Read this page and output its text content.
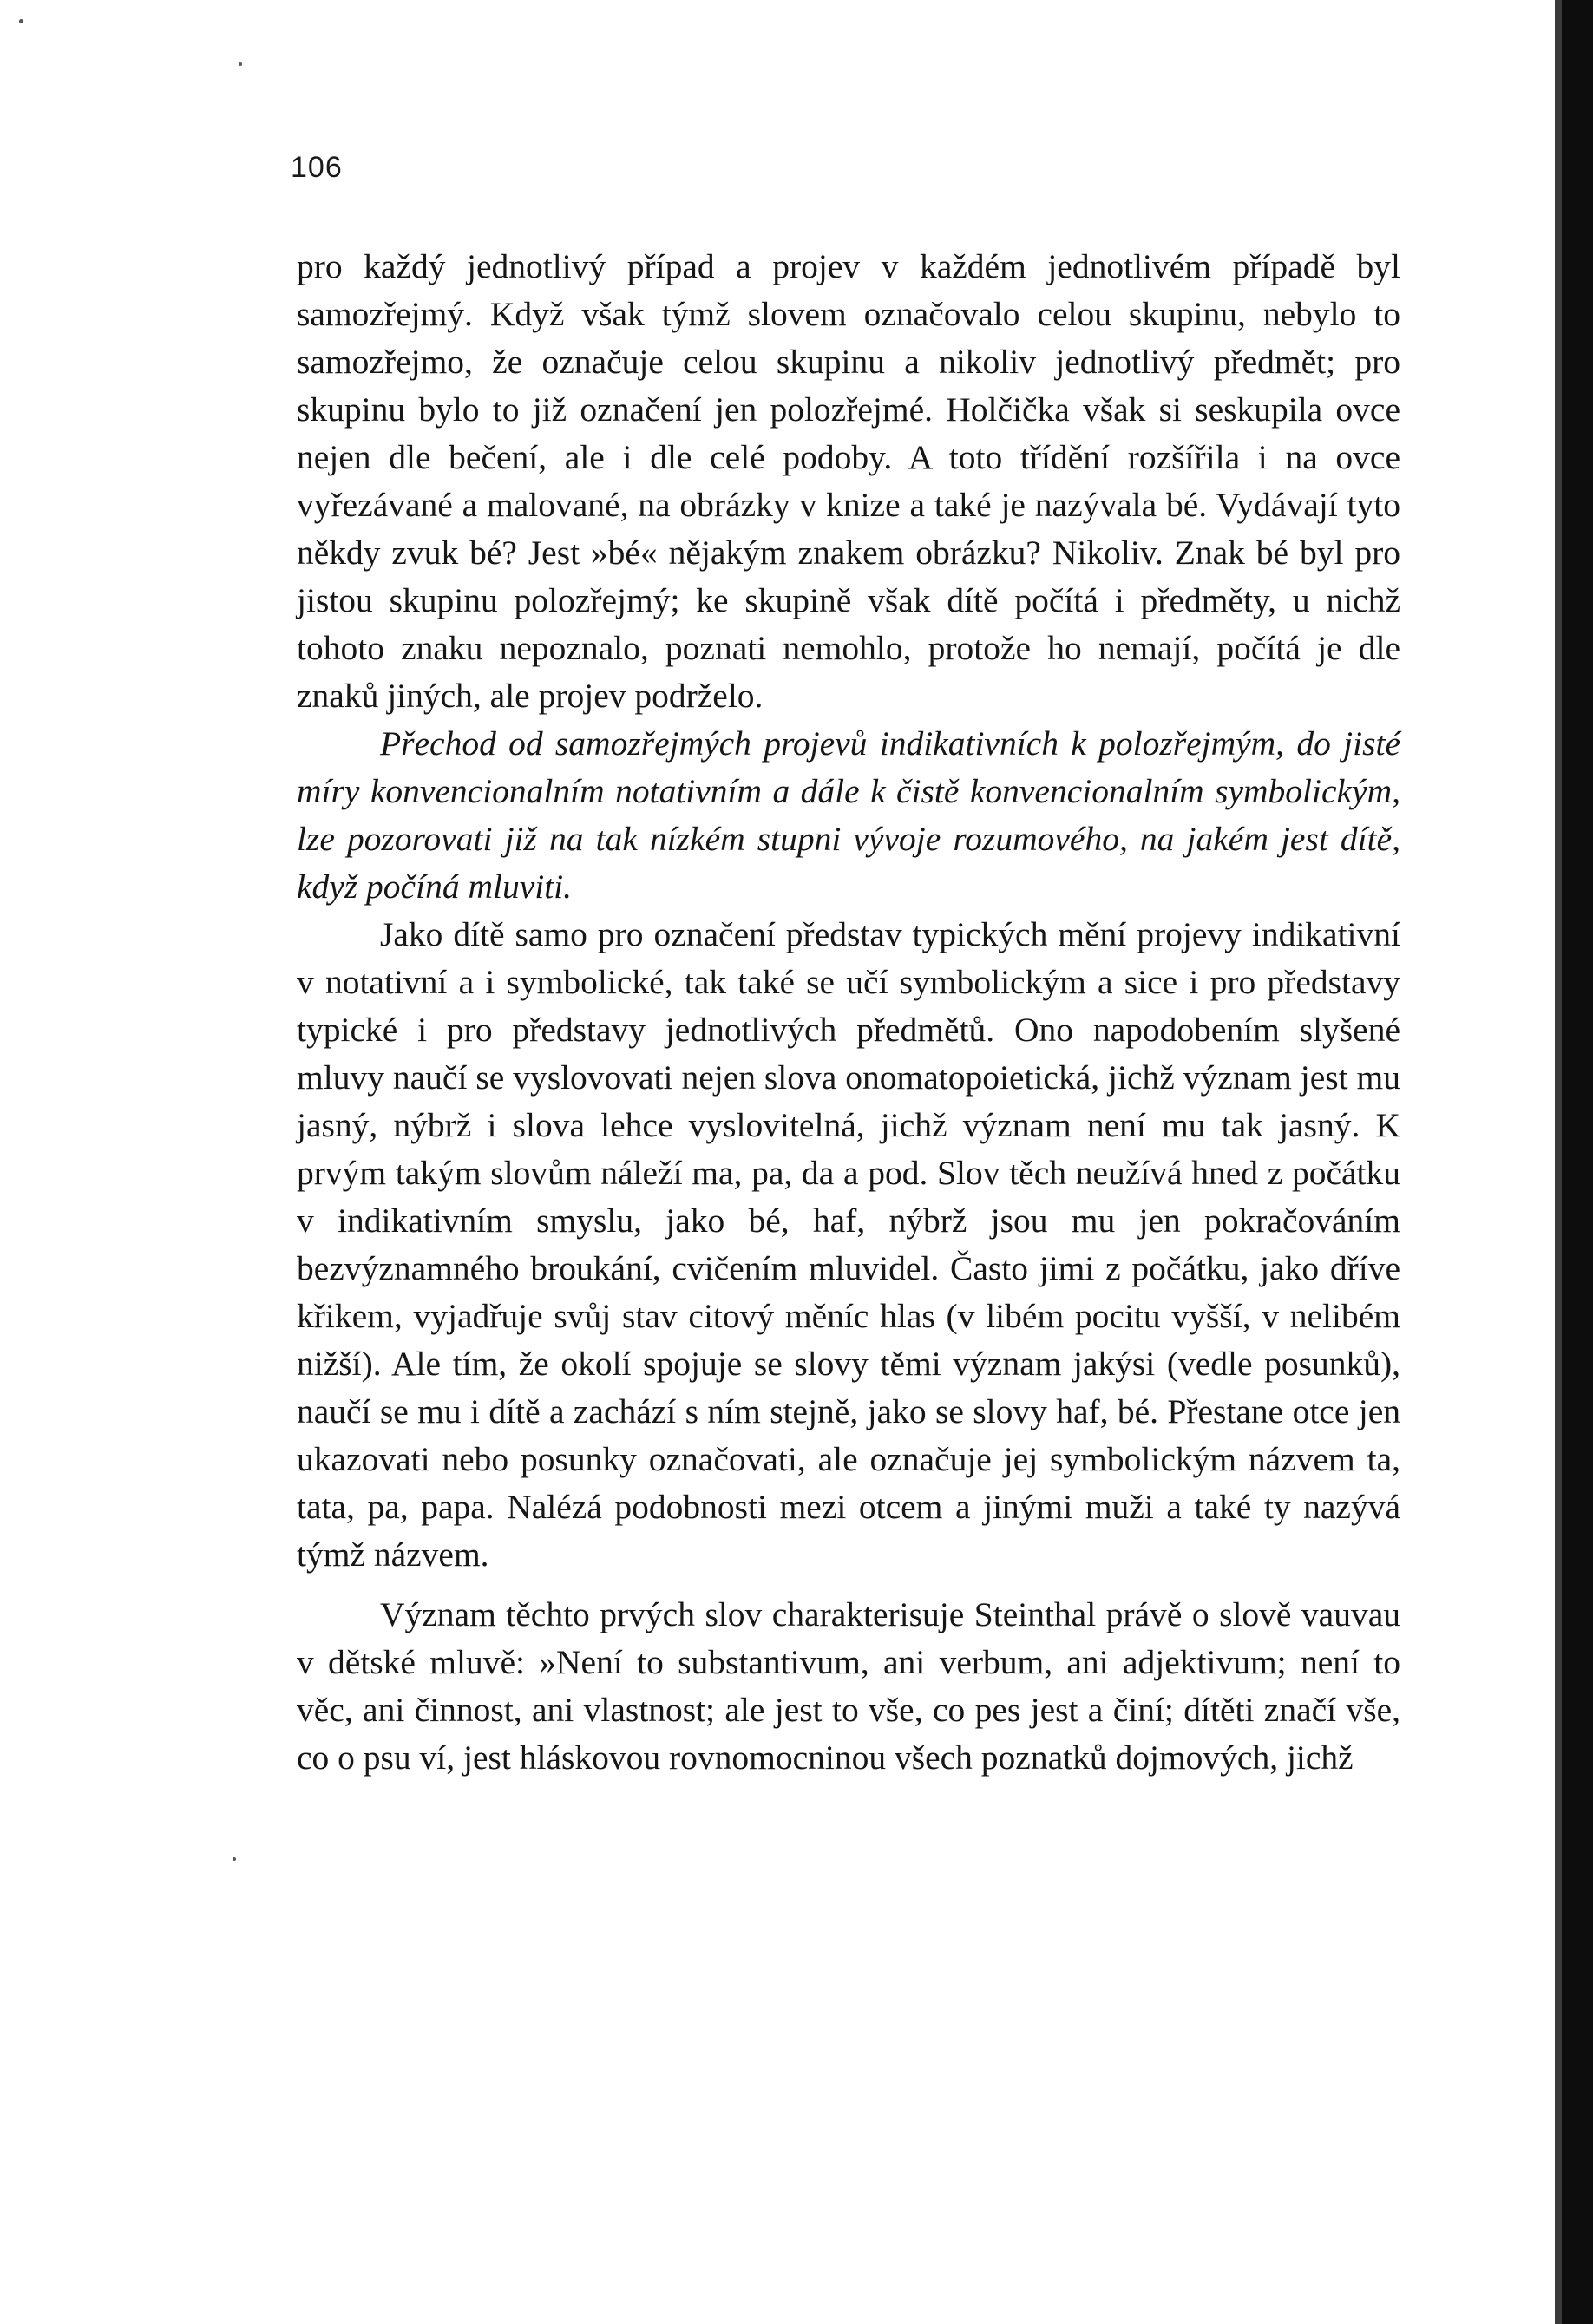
106

pro každý jednotlivý případ a projev v každém jednotlivém případě byl samozřejmý. Když však týmž slovem označovalo celou skupinu, nebylo to samozřejmo, že označuje celou skupinu a nikoliv jednotlivý předmět; pro skupinu bylo to již označení jen polozřejmé. Holčička však si seskupila ovce nejen dle bečení, ale i dle celé podoby. A toto třídění rozšířila i na ovce vyřezávané a malované, na obrázky v knize a také je nazývala bé. Vydávají tyto někdy zvuk bé? Jest »bé« nějakým znakem obrázku? Nikoliv. Znak bé byl pro jistou skupinu polozřejmý; ke skupině však dítě počítá i předměty, u nichž tohoto znaku nepoznalo, poznati nemohlo, protože ho nemají, počítá je dle znaků jiných, ale projev podrželo.

Přechod od samozřejmých projevů indikativních k polozřejmým, do jisté míry konvencionalním notativním a dále k čistě konvencionalním symbolickým, lze pozorovati již na tak nízkém stupni vývoje rozumového, na jakém jest dítě, když počíná mluviti.

Jako dítě samo pro označení představ typických mění projevy indikativní v notativní a i symbolické, tak také se učí symbolickým a sice i pro představy typické i pro představy jednotlivých předmětů. Ono napodobením slyšené mluvy naučí se vyslovovati nejen slova onomatopoietická, jichž význam jest mu jasný, nýbrž i slova lehce vyslovitelná, jichž význam není mu tak jasný. K prvým takým slovům náleží ma, pa, da a pod. Slov těch neužívá hned z počátku v indikativním smyslu, jako bé, haf, nýbrž jsou mu jen pokračováním bezvýznamného broukání, cvičením mluvidel. Často jimi z počátku, jako dříve křikem, vyjadřuje svůj stav citový měníc hlas (v libém pocitu vyšší, v nelibém nižší). Ale tím, že okolí spojuje se slovy těmi význam jakýsi (vedle posunků), naučí se mu i dítě a zachází s ním stejně, jako se slovy haf, bé. Přestane otce jen ukazovati nebo posunky označovati, ale označuje jej symbolickým názvem ta, tata, pa, papa. Nalézá podobnosti mezi otcem a jinými muži a také ty nazývá týmž názvem.

Význam těchto prvých slov charakterisuje Steinthal právě o slově vauvau v dětské mluvě: »Není to substantivum, ani verbum, ani adjektivum; není to věc, ani činnost, ani vlastnost; ale jest to vše, co pes jest a činí; dítěti značí vše, co o psu ví, jest hláskovou rovnomocninou všech poznatků dojmových, jichž
